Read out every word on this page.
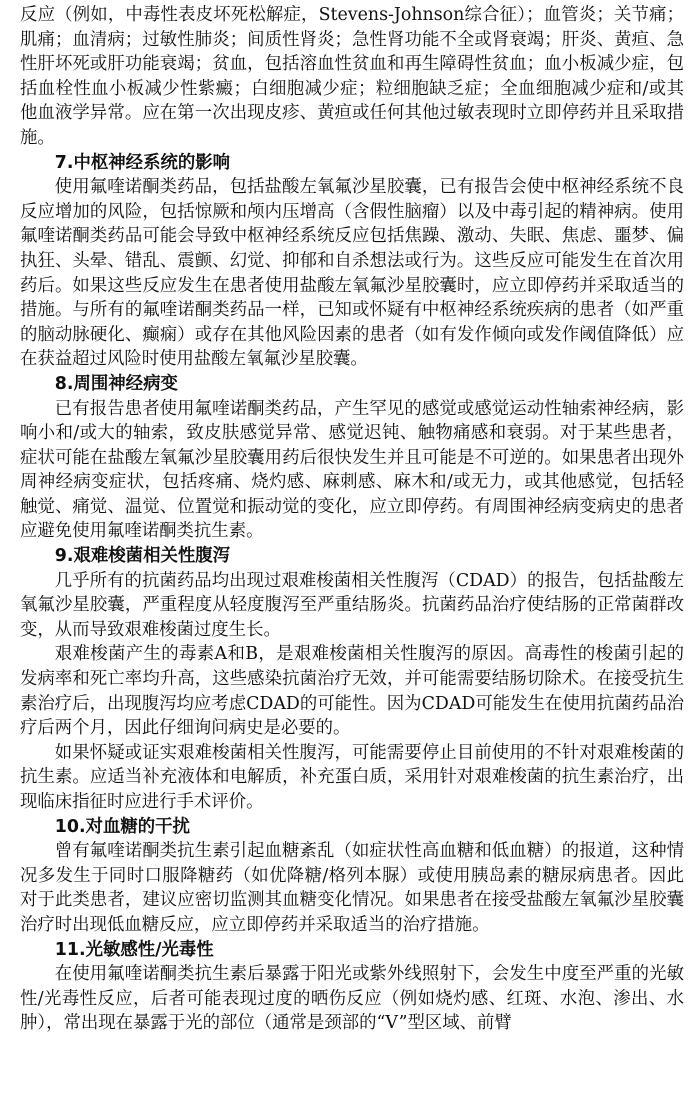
反应（例如，中毒性表皮坏死松解症，Stevens-Johnson综合征）；血管炎；关节痛；肌痛；血清病；过敏性肺炎；间质性肾炎；急性肾功能不全或肾衰竭；肝炎、黄疸、急性肝坏死或肝功能衰竭；贫血，包括溶血性贫血和再生障碍性贫血；血小板减少症，包括血栓性血小板减少性紫癜；白细胞减少症；粒细胞缺乏症；全血细胞减少症和/或其他血液学异常。应在第一次出现皮疹、黄疸或任何其他过敏表现时立即停药并且采取措施。

7.中枢神经系统的影响

使用氟喹诺酮类药品，包括盐酸左氧氟沙星胶囊，已有报告会使中枢神经系统不良反应增加的风险，包括惊厥和颅内压增高（含假性脑瘤）以及中毒引起的精神病。使用氟喹诺酮类药品可能会导致中枢神经系统反应包括焦躁、激动、失眠、焦虑、噩梦、偏执狂、头晕、错乱、震颤、幻觉、抑郁和自杀想法或行为。这些反应可能发生在首次用药后。如果这些反应发生在患者使用盐酸左氧氟沙星胶囊时，应立即停药并采取适当的措施。与所有的氟喹诺酮类药品一样，已知或怀疑有中枢神经系统疾病的患者（如严重的脑动脉硬化、癫痫）或存在其他风险因素的患者（如有发作倾向或发作阈值降低）应在获益超过风险时使用盐酸左氧氟沙星胶囊。

8.周围神经病变

已有报告患者使用氟喹诺酮类药品，产生罕见的感觉或感觉运动性轴索神经病，影响小和/或大的轴索，致皮肤感觉异常、感觉迟钝、触物痛感和衰弱。对于某些患者，症状可能在盐酸左氧氟沙星胶囊用药后很快发生并且可能是不可逆的。如果患者出现外周神经病变症状，包括疼痛、烧灼感、麻刺感、麻木和/或无力，或其他感觉，包括轻触觉、痛觉、温觉、位置觉和振动觉的变化，应立即停药。有周围神经病变病史的患者应避免使用氟喹诺酮类抗生素。

9.艰难梭菌相关性腹泻

几乎所有的抗菌药品均出现过艰难梭菌相关性腹泻（CDAD）的报告，包括盐酸左氧氟沙星胶囊，严重程度从轻度腹泻至严重结肠炎。抗菌药品治疗使结肠的正常菌群改变，从而导致艰难梭菌过度生长。

艰难梭菌产生的毒素A和B，是艰难梭菌相关性腹泻的原因。高毒性的梭菌引起的发病率和死亡率均升高，这些感染抗菌治疗无效，并可能需要结肠切除术。在接受抗生素治疗后，出现腹泻均应考虑CDAD的可能性。因为CDAD可能发生在使用抗菌药品治疗后两个月，因此仔细询问病史是必要的。

如果怀疑或证实艰难梭菌相关性腹泻，可能需要停止目前使用的不针对艰难梭菌的抗生素。应适当补充液体和电解质，补充蛋白质，采用针对艰难梭菌的抗生素治疗，出现临床指征时应进行手术评价。

10.对血糖的干扰

曾有氟喹诺酮类抗生素引起血糖紊乱（如症状性高血糖和低血糖）的报道，这种情况多发生于同时口服降糖药（如优降糖/格列本脲）或使用胰岛素的糖尿病患者。因此对于此类患者，建议应密切监测其血糖变化情况。如果患者在接受盐酸左氧氟沙星胶囊治疗时出现低血糖反应，应立即停药并采取适当的治疗措施。

11.光敏感性/光毒性

在使用氟喹诺酮类抗生素后暴露于阳光或紫外线照射下，会发生中度至严重的光敏性/光毒性反应，后者可能表现过度的晒伤反应（例如烧灼感、红斑、水泡、渗出、水肿），常出现在暴露于光的部位（通常是颈部的“V”型区域、前臂
